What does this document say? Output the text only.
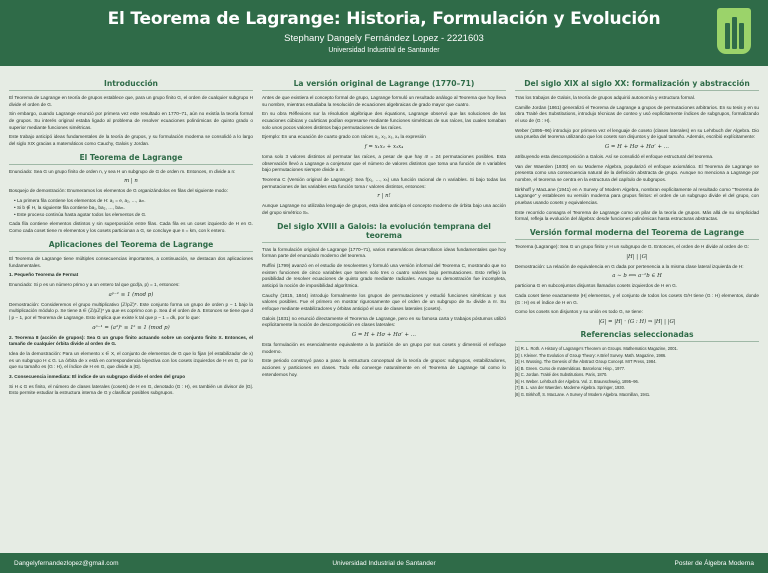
El Teorema de Lagrange: Historia, Formulación y Evolución
Stephany Dangely Fernández Lopez - 2221603
Universidad Industrial de Santander
Introducción

El Teorema de Lagrange en teoría de grupos establece que, para un grupo finito G, el orden de cualquier subgrupo H divide el orden de G.

Sin embargo, cuando Lagrange enunció por primera vez este resultado en 1770–71, aún no existía la teoría formal de grupos. Su interés original estaba ligado al problema de resolver ecuaciones polinómicas de quinto grado o superior mediante funciones simétricas.

Este trabajo anticipó ideas fundamentales de la teoría de grupos, y su formulación moderna se consolidó a lo largo del siglo XIX gracias a matemáticos como Cauchy, Galois y Jordan.

El Teorema de Lagrange

Enunciado: Sea G un grupo finito de orden n, y sea H un subgrupo de G de orden m. Entonces, m divide a n:

m | n

Bosquejo de demostración: Enumeramos los elementos de G organizándolos en filas del siguiente modo:

• La primera fila contiene los elementos de H: a₁ = e, a₂, …, aₘ.
• Si b ∉ H, la siguiente fila contiene ba₁, ba₂, …, baₘ.
• Este proceso continúa hasta agotar todos los elementos de G.

Cada fila contiene elementos distintos y sin superposición entre filas. Cada fila es un coset izquierdo de H en G. Como cada coset tiene m elementos y los cosets particionan a G, se concluye que n = km, con k entero.

Aplicaciones del Teorema de Lagrange

El Teorema de Lagrange tiene múltiples consecuencias importantes, a continuación, se destacan dos aplicaciones fundamentales.

1. Pequeño Teorema de Fermat

Enunciado: Si p es un número primo y a un entero tal que gcd(a, p) = 1, entonces:

aᵖ⁻¹ ≡ 1 (mod p)

Demostración: Consideremos el grupo multiplicativo (ℤ/pℤ)*. Este conjunto forma un grupo de orden p − 1 bajo la multiplicación módulo p. Se tiene ā ∈ (ℤ/pℤ)* ya que es coprimo con p. Sea d el orden de ā. Entonces se tiene que d | p − 1, por el Teorema de Lagrange. Esto implica que existe k tal que p − 1 = dk, por lo que:

aᵖ⁻¹ = (aᵈ)ᵏ ≡ 1ᵏ ≡ 1 (mod p)

2. Teorema 8 (acción de grupos): Sea G un grupo finito actuando sobre un conjunto finito X. Entonces, el tamaño de cualquier órbita divide al orden de G.

Idea de la demostración: Para un elemento x ∈ X, el conjunto de elementos de G que lo fijan (el estabilizador de x) es un subgrupo H ≤ G. La órbita de x está en correspondencia biyectiva con los cosets izquierdos de H en G, por lo que su tamaño es (G : H), el índice de H en G, que divide a |G|.

3. Consecuencia inmediata: El índice de un subgrupo divide el orden del grupo

Si H ≤ G es finito, el número de clases laterales (cosets) de H en G, denotado (G : H), es también un divisor de |G|. Esto permite estudiar la estructura interna de G y clasificar posibles subgrupos.

La versión original de Lagrange (1770–71)

Antes de que existiera el concepto formal de grupo, Lagrange formuló un resultado análogo al Teorema que hoy lleva su nombre, mientras estudiaba la resolución de ecuaciones algebraicas de grado mayor que cuatro.

En su obra Réflexions sur la résolution algébrique des équations, Lagrange observó que las soluciones de las ecuaciones cúbicas y cuárticas podían expresarse mediante funciones simétricas de sus raíces, las cuales tomaban solo unos pocos valores distintos bajo permutaciones de las raíces.

Ejemplo: En una ecuación de cuarto grado con raíces x₁, x₂, x₃, x₄ la expresión

f = x₁x₂ + x₃x₄

toma solo 3 valores distintos al permutar las raíces, a pesar de que hay 4! = 24 permutaciones posibles. Esta observación llevó a Lagrange a conjeturar que el número de valores distintos que toma una función de n variables bajo permutaciones siempre divide a n!.

Teorema C (Versión original de Lagrange): Sea f(x₁, …, xₙ) una función racional de n variables. Si bajo todas las permutaciones de las variables esta función toma r valores distintos, entonces:

r | n!

Aunque Lagrange no utilizaba lenguaje de grupos, esta idea anticipa el concepto moderno de órbita bajo una acción del grupo simétrico Sₙ.

Del siglo XVIII a Galois: la evolución temprana del teorema

Tras la formulación original de Lagrange (1770–71), varios matemáticos desarrollaron ideas fundamentales que hoy forman parte del enunciado moderno del teorema.

Ruffini (1799) avanzó en el estudio de resolventes y formuló una versión informal del Teorema C, mostrando que no existen funciones de cinco variables que tomen solo tres o cuatro valores bajo permutaciones. Esto reflejó la posibilidad de resolver ecuaciones de quinto grado mediante radicales. Aunque su demostración fue incompleta, anticipó la noción de imposibilidad algorítmica.

Cauchy (1815, 1844) introdujo formalmente los grupos de permutaciones y estudió funciones simétricas y sus valores posibles. Fue el primero en mostrar rigurosamente que el orden de un subgrupo de Sₙ divide a n!. Su enfoque mediante estabilizadores y órbitas anticipó el uso de clases laterales (cosets).

Galois (1831) no enunció directamente el Teorema de Lagrange, pero en su famosa carta y trabajos póstumos utilizó explícitamente la noción de descomposición en clases laterales:

G = H + Hσ + Hσ′ + …

Esta formulación es esencialmente equivalente a la partición de un grupo por sus cosets y dimensió el enfoque moderno.

Este periodo construyó paso a paso la estructura conceptual de la teoría de grupos: subgrupos, estabilizadores, acciones y particiones en clases. Todo ello converge naturalmente en el Teorema de Lagrange tal como lo entendemos hoy.

Del siglo XIX al siglo XX: formalización y abstracción

Tras los trabajos de Galois, la teoría de grupos adquirió autonomía y estructura formal.

Camille Jordan (1861) generalizó el Teorema de Lagrange a grupos de permutaciones arbitrarios. En su tesis y en su obra Traité des Substitutions, introdujo técnicas de conteo y usó explícitamente índices de subgrupos, formalizando el uso de (G : H).

Weber (1895–96) introdujo por primera vez el lenguaje de coseto (clases laterales) en su Lehrbuch der Algebra. Dio una prueba del teorema utilizando que los cosets son disjuntos y de igual tamaño. Además, escribió explícitamente:

G = H + Hσ + Hσ′ + …

atribuyendo esta descomposición a Galois. Así se consolidó el enfoque estructural del teorema.

Van der Waerden (1930) en su Moderne Algebra, popularizó el enfoque axiomático. El Teorema de Lagrange se presenta como una consecuencia natural de la definición abstracta de grupo. Aunque no menciona a Lagrange por nombre, el teorema se centra en la estructura del capítulo de subgrupos.

Birkhoff y MacLane (1941) en A Survey of Modern Algebra, nombran explícitamente al resultado como "Teorema de Lagrange" y establecen su versión moderna para grupos finitos: el orden de un subgrupo divide el del grupo, con pruebas usando cosets y equivalencias.

Este recorrido consagra el Teorema de Lagrange como un pilar de la teoría de grupos. Más allá de su simplicidad formal, refleja la evolución del álgebra: desde funciones polinómicas hasta estructuras abstractas.

Versión formal moderna del Teorema de Lagrange

Teorema (Lagrange): Sea G un grupo finito y H un subgrupo de G. Entonces, el orden de H divide al orden de G:

|H| | |G|

Demostración: La relación de equivalencia en G dada por pertenencia a la misma clase lateral izquierda de H:

a ∼ b ⟺ a⁻¹b ∈ H

particiona G en subconjuntos disjuntos llamados cosets izquierdos de H en G.

Cada coset tiene exactamente |H| elementos, y el conjunto de todos los cosets G/H tiene (G : H) elementos, donde (G : H) es el índice de H en G.

Como los cosets son disjuntos y su unión es todo G, se tiene:

|G| = |H| · (G : H) ⇒ |H| | |G|
Referencias seleccionadas

[1] R. L. Roth. A History of Lagrange's Theorem on Groups. Mathematics Magazine, 2001.

[2] I. Kleiner. The Evolution of Group Theory: A Brief Survey. Math. Magazine, 1986.

[3] H. Wussing. The Genesis of the Abstract Group Concept. MIT Press, 1984.

[4] B. Green. Curso de matemáticas. Barcelona: Hisp., 1977.

[5] C. Jordan. Traité des Substitutions. Paris, 1870.

[6] H. Weber. Lehrbuch der Algebra. Vol. 2. Braunschweig, 1895–96.

[7] B. L. van der Waerden. Moderne Algebra. Springer, 1930.

[8] G. Birkhoff, S. MacLane. A Survey of Modern Algebra. Macmillan, 1941.

Dangelyfernandezlopez@gmail.com	Universidad Industrial de Santander	Poster de Álgebra Moderna
